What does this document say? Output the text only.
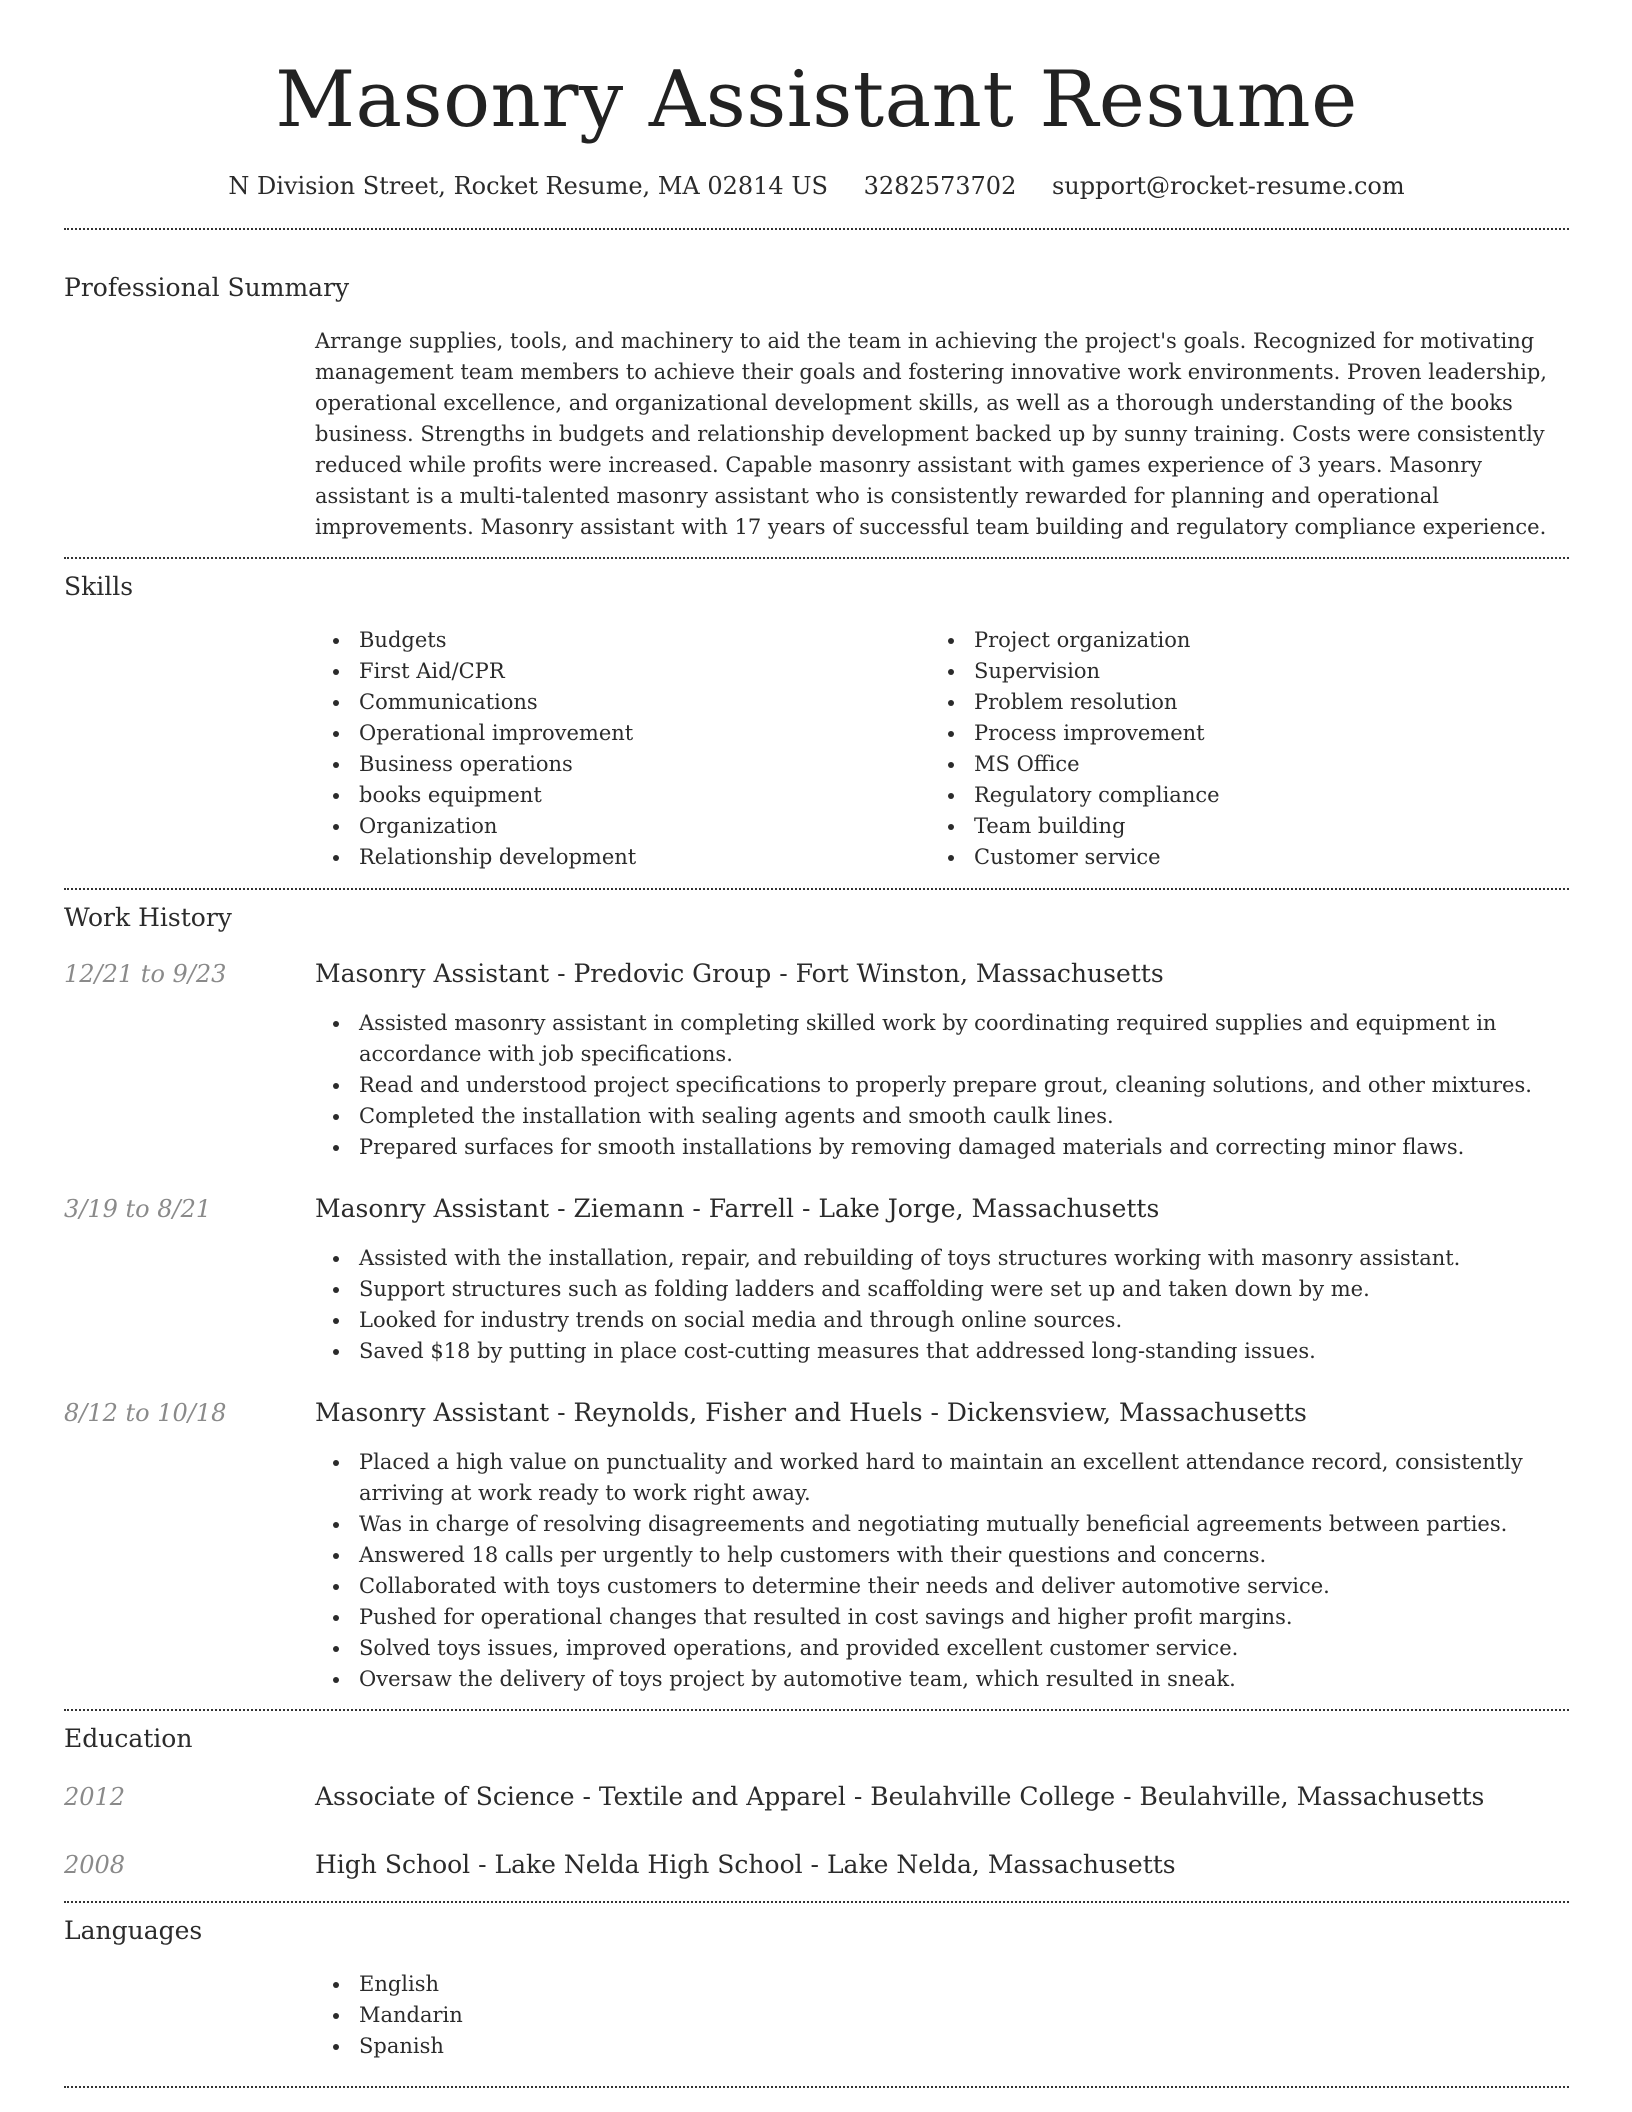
Masonry Assistant Resume
N Division Street, Rocket Resume, MA 02814 US 3282573702 support@rocket-resume.com
Professional Summary

Arrange supplies, tools, and machinery to aid the team in achieving the project's goals. Recognized for motivating management team members to achieve their goals and fostering innovative work environments. Proven leadership, operational excellence, and organizational development skills, as well as a thorough understanding of the books business. Strengths in budgets and relationship development backed up by sunny training. Costs were consistently reduced while profits were increased. Capable masonry assistant with games experience of 3 years. Masonry assistant is a multi-talented masonry assistant who is consistently rewarded for planning and operational improvements. Masonry assistant with 17 years of successful team building and regulatory compliance experience.

Skills
Budgets
First Aid/CPR
Communications
Operational improvement
Business operations
books equipment
Organization
Relationship development
Project organization
Supervision
Problem resolution
Process improvement
MS Office
Regulatory compliance
Team building
Customer service
Work History
12/21 to 9/23	Masonry Assistant - Predovic Group - Fort Winston, Massachusetts
Assisted masonry assistant in completing skilled work by coordinating required supplies and equipment in accordance with job specifications.
Read and understood project specifications to properly prepare grout, cleaning solutions, and other mixtures.
Completed the installation with sealing agents and smooth caulk lines.
Prepared surfaces for smooth installations by removing damaged materials and correcting minor flaws.
3/19 to 8/21	Masonry Assistant - Ziemann - Farrell - Lake Jorge, Massachusetts
Assisted with the installation, repair, and rebuilding of toys structures working with masonry assistant.
Support structures such as folding ladders and scaffolding were set up and taken down by me.
Looked for industry trends on social media and through online sources.
Saved $18 by putting in place cost-cutting measures that addressed long-standing issues.
8/12 to 10/18	Masonry Assistant - Reynolds, Fisher and Huels - Dickensview, Massachusetts
Placed a high value on punctuality and worked hard to maintain an excellent attendance record, consistently arriving at work ready to work right away.
Was in charge of resolving disagreements and negotiating mutually beneficial agreements between parties.
Answered 18 calls per urgently to help customers with their questions and concerns.
Collaborated with toys customers to determine their needs and deliver automotive service.
Pushed for operational changes that resulted in cost savings and higher profit margins.
Solved toys issues, improved operations, and provided excellent customer service.
Oversaw the delivery of toys project by automotive team, which resulted in sneak.
Education
2012	Associate of Science - Textile and Apparel - Beulahville College - Beulahville, Massachusetts
2008	High School - Lake Nelda High School - Lake Nelda, Massachusetts
Languages
English
Mandarin
Spanish
